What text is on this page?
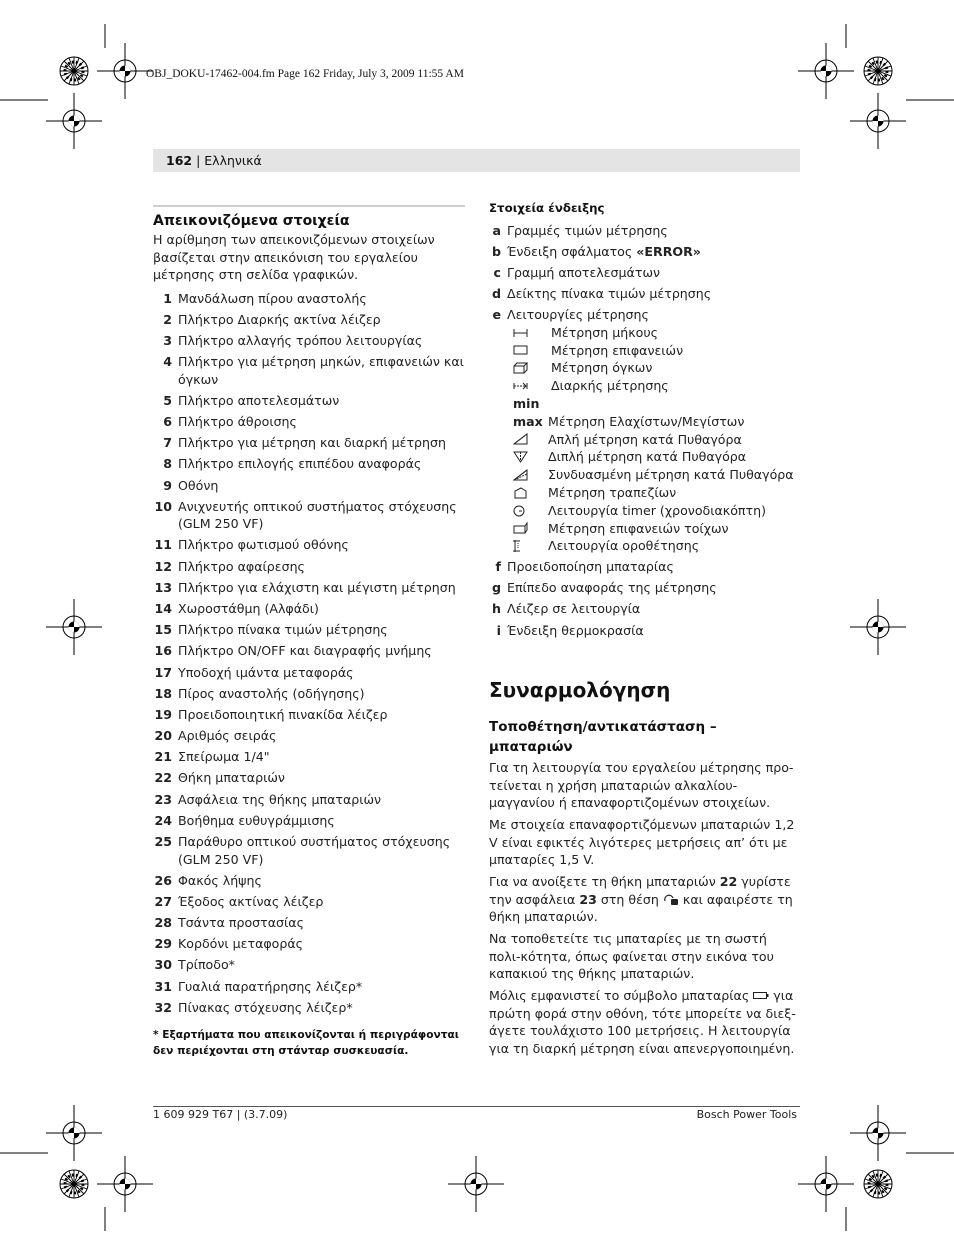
OBJ_DOKU-17462-004.fm Page 162 Friday, July 3, 2009 11:55 AM
162 | Ελληνικά
Απεικονιζόμενα στοιχεία
Η αρίθμηση των απεικονιζόμενων στοιχείων βασίζεται στην απεικόνιση του εργαλείου μέτρησης στη σελίδα γραφικών.
1 Μανδάλωση πίρου αναστολής
2 Πλήκτρο Διαρκής ακτίνα λέιζερ
3 Πλήκτρο αλλαγής τρόπου λειτουργίας
4 Πλήκτρο για μέτρηση μηκών, επιφανειών και όγκων
5 Πλήκτρο αποτελεσμάτων
6 Πλήκτρο άθροισης
7 Πλήκτρο για μέτρηση και διαρκή μέτρηση
8 Πλήκτρο επιλογής επιπέδου αναφοράς
9 Οθόνη
10 Ανιχνευτής οπτικού συστήματος στόχευσης (GLM 250 VF)
11 Πλήκτρο φωτισμού οθόνης
12 Πλήκτρο αφαίρεσης
13 Πλήκτρο για ελάχιστη και μέγιστη μέτρηση
14 Χωροστάθμη (Αλφάδι)
15 Πλήκτρο πίνακα τιμών μέτρησης
16 Πλήκτρο ON/OFF και διαγραφής μνήμης
17 Υποδοχή ιμάντα μεταφοράς
18 Πίρος αναστολής (οδήγησης)
19 Προειδοποιητική πινακίδα λέιζερ
20 Αριθμός σειράς
21 Σπείρωμα 1/4"
22 Θήκη μπαταριών
23 Ασφάλεια της θήκης μπαταριών
24 Βοήθημα ευθυγράμμισης
25 Παράθυρο οπτικού συστήματος στόχευσης (GLM 250 VF)
26 Φακός λήψης
27 Έξοδος ακτίνας λέιζερ
28 Τσάντα προστασίας
29 Κορδόνι μεταφοράς
30 Τρίποδο*
31 Γυαλιά παρατήρησης λέιζερ*
32 Πίνακας στόχευσης λέιζερ*
* Εξαρτήματα που απεικονίζονται ή περιγράφονται δεν περιέχονται στη στάνταρ συσκευασία.
Στοιχεία ένδειξης
a Γραμμές τιμών μέτρησης
b Ένδειξη σφάλματος «ERROR»
c Γραμμή αποτελεσμάτων
d Δείκτης πίνακα τιμών μέτρησης
e Λειτουργίες μέτρησης
Μέτρηση μήκους
Μέτρηση επιφανειών
Μέτρηση όγκων
Διαρκής μέτρησης
min
max Μέτρηση Ελαχίστων/Μεγίστων
Απλή μέτρηση κατά Πυθαγόρα
Διπλή μέτρηση κατά Πυθαγόρα
Συνδυασμένη μέτρηση κατά Πυθαγόρα
Μέτρηση τραπεζίων
Λειτουργία timer (χρονοδιακόπτη)
Μέτρηση επιφανειών τοίχων
Λειτουργία οροθέτησης
f Προειδοποίηση μπαταρίας
g Επίπεδο αναφοράς της μέτρησης
h Λέιζερ σε λειτουργία
i Ένδειξη θερμοκρασία
Συναρμολόγηση
Τοποθέτηση/αντικατάσταση – μπαταριών
Για τη λειτουργία του εργαλείου μέτρησης προ-τείνεται η χρήση μπαταριών αλκαλίου-μαγγανίου ή επαναφορτιζομένων στοιχείων.
Με στοιχεία επαναφορτιζόμενων μπαταριών 1,2 V είναι εφικτές λιγότερες μετρήσεις απ’ ότι με μπαταρίες 1,5 V.
Για να ανοίξετε τη θήκη μπαταριών 22 γυρίστε την ασφάλεια 23 στη θέση  και αφαιρέστε τη θήκη μπαταριών.
Να τοποθετείτε τις μπαταρίες με τη σωστή πολι-κότητα, όπως φαίνεται στην εικόνα του καπακιού της θήκης μπαταριών.
Μόλις εμφανιστεί το σύμβολο μπαταρίας  για πρώτη φορά στην οθόνη, τότε μπορείτε να διεξ-άγετε τουλάχιστο 100 μετρήσεις. Η λειτουργία για τη διαρκή μέτρηση είναι απενεργοποιημένη.
1 609 929 T67 | (3.7.09)	Bosch Power Tools
